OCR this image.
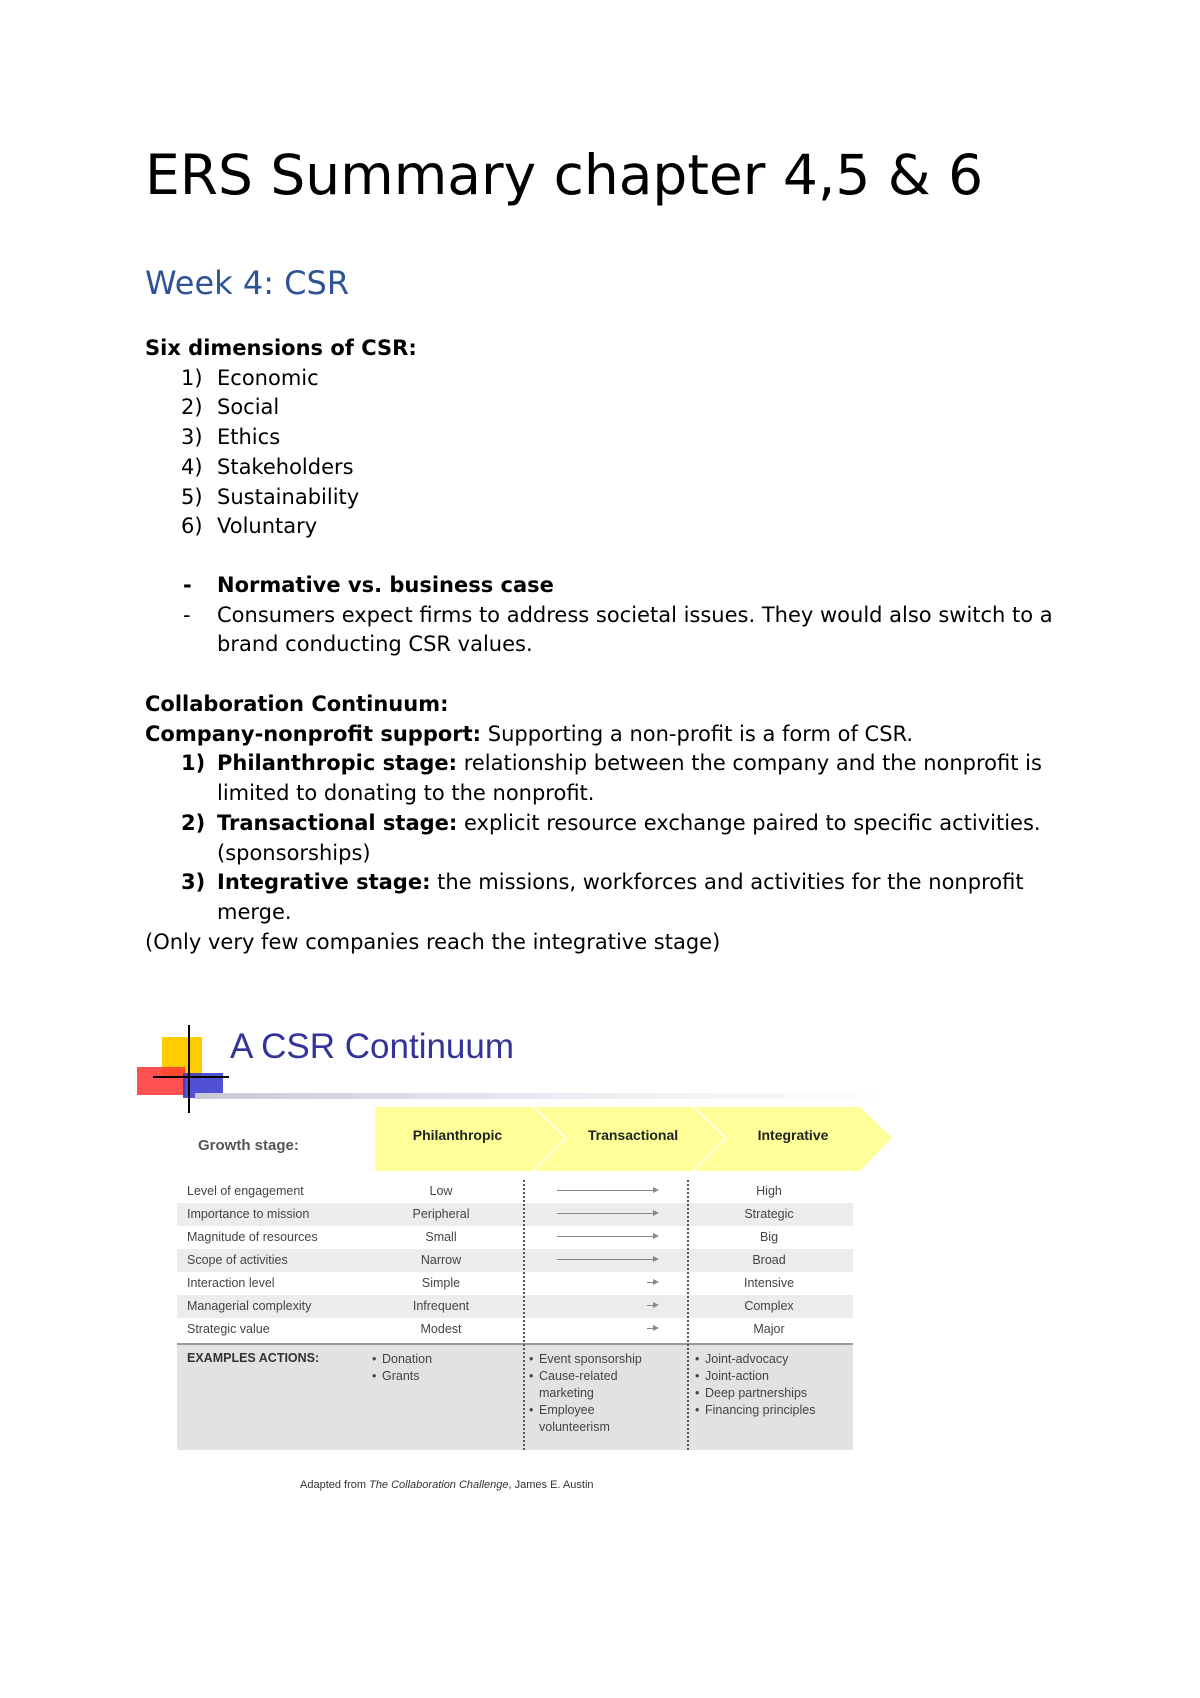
ERS Summary chapter 4,5 & 6
Week 4: CSR
Six dimensions of CSR:
1) Economic
2) Social
3) Ethics
4) Stakeholders
5) Sustainability
6) Voluntary
- Normative vs. business case
- Consumers expect firms to address societal issues. They would also switch to a brand conducting CSR values.
Collaboration Continuum:
Company-nonprofit support: Supporting a non-profit is a form of CSR.
1) Philanthropic stage: relationship between the company and the nonprofit is limited to donating to the nonprofit.
2) Transactional stage: explicit resource exchange paired to specific activities. (sponsorships)
3) Integrative stage: the missions, workforces and activities for the nonprofit merge.
(Only very few companies reach the integrative stage)
A CSR Continuum
Growth stage:
Philanthropic	Transactional	Integrative
Level of engagement	Low	High
Importance to mission	Peripheral	Strategic
Magnitude of resources	Small	Big
Scope of activities	Narrow	Broad
Interaction level	Simple	Intensive
Managerial complexity	Infrequent	Complex
Strategic value	Modest	Major
EXAMPLES ACTIONS:
•	Donation
• Grants
• Event sponsorship
• Cause-related marketing
• Employee volunteerism
• Joint-advocacy
• Joint-action
• Deep partnerships
• Financing principles
Adapted from The Collaboration Challenge, James E. Austin
